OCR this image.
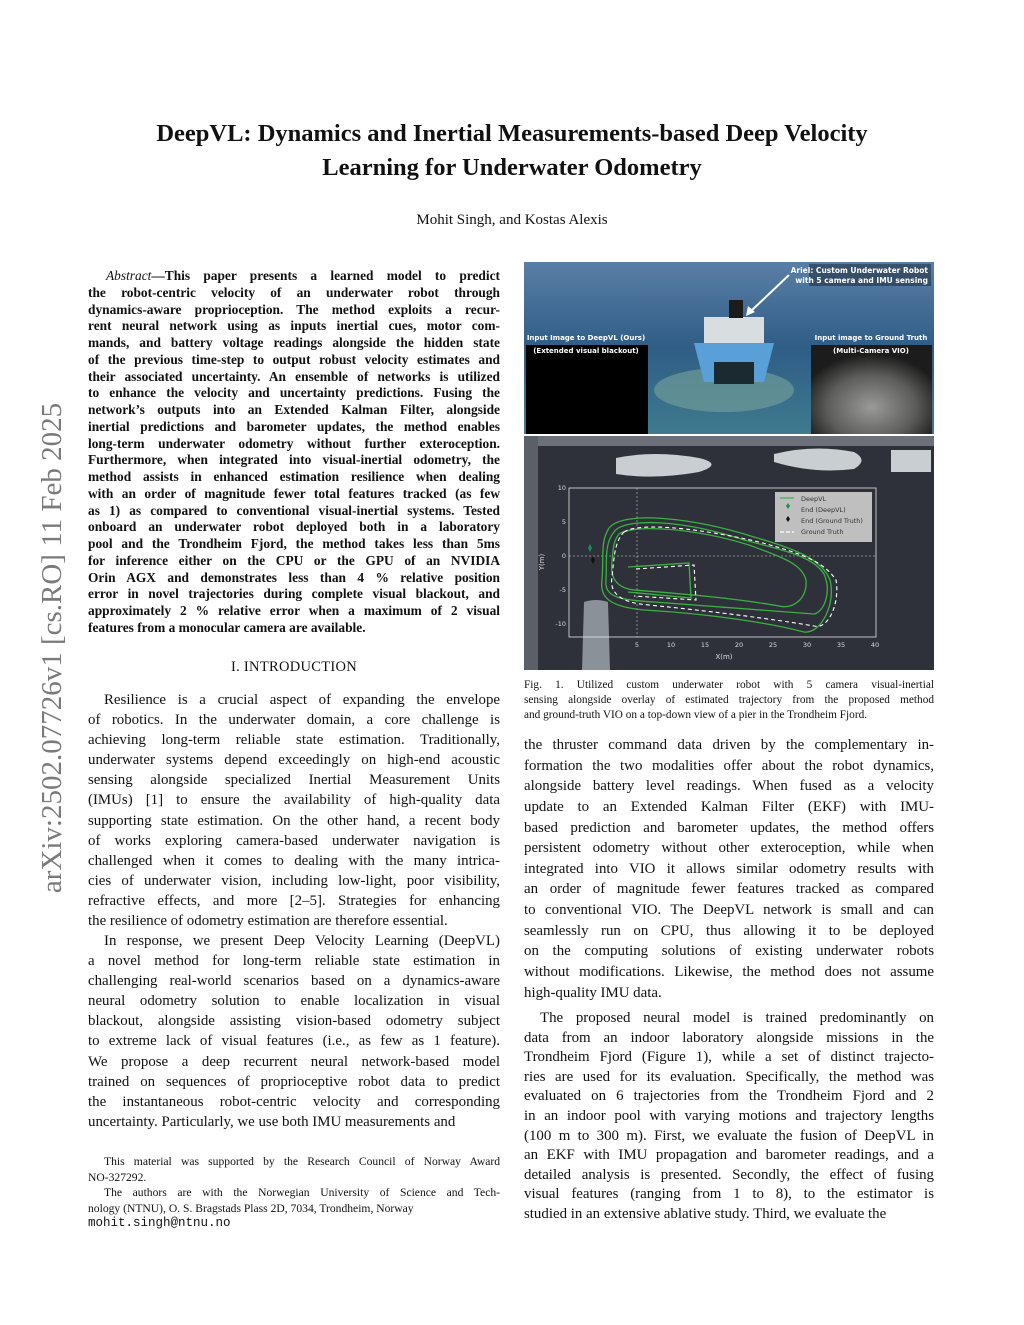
arXiv:2502.07726v1 [cs.RO] 11 Feb 2025
DeepVL: Dynamics and Inertial Measurements-based Deep Velocity
Learning for Underwater Odometry
Mohit Singh, and Kostas Alexis
Abstract—This paper presents a learned model to predict
the robot-centric velocity of an underwater robot through
dynamics-aware proprioception. The method exploits a recur-
rent neural network using as inputs inertial cues, motor com-
mands, and battery voltage readings alongside the hidden state
of the previous time-step to output robust velocity estimates and
their associated uncertainty. An ensemble of networks is utilized
to enhance the velocity and uncertainty predictions. Fusing the
network’s outputs into an Extended Kalman Filter, alongside
inertial predictions and barometer updates, the method enables
long-term underwater odometry without further exteroception.
Furthermore, when integrated into visual-inertial odometry, the
method assists in enhanced estimation resilience when dealing
with an order of magnitude fewer total features tracked (as few
as 1) as compared to conventional visual-inertial systems. Tested
onboard an underwater robot deployed both in a laboratory
pool and the Trondheim Fjord, the method takes less than 5ms
for inference either on the CPU or the GPU of an NVIDIA
Orin AGX and demonstrates less than 4 % relative position
error in novel trajectories during complete visual blackout, and
approximately 2 % relative error when a maximum of 2 visual
features from a monocular camera are available.
I. INTRODUCTION
Resilience is a crucial aspect of expanding the envelope
of robotics. In the underwater domain, a core challenge is
achieving long-term reliable state estimation. Traditionally,
underwater systems depend exceedingly on high-end acoustic
sensing alongside specialized Inertial Measurement Units
(IMUs) [1] to ensure the availability of high-quality data
supporting state estimation. On the other hand, a recent body
of works exploring camera-based underwater navigation is
challenged when it comes to dealing with the many intrica-
cies of underwater vision, including low-light, poor visibility,
refractive effects, and more [2–5]. Strategies for enhancing
the resilience of odometry estimation are therefore essential.
In response, we present Deep Velocity Learning (DeepVL)
a novel method for long-term reliable state estimation in
challenging real-world scenarios based on a dynamics-aware
neural odometry solution to enable localization in visual
blackout, alongside assisting vision-based odometry subject
to extreme lack of visual features (i.e., as few as 1 feature).
We propose a deep recurrent neural network-based model
trained on sequences of proprioceptive robot data to predict
the instantaneous robot-centric velocity and corresponding
uncertainty. Particularly, we use both IMU measurements and
This material was supported by the Research Council of Norway Award
NO-327292.
The authors are with the Norwegian University of Science and Tech-
nology (NTNU), O. S. Bragstads Plass 2D, 7034, Trondheim, Norway
mohit.singh@ntnu.no
Ariel: Custom Underwater Robot
with 5 camera and IMU sensing
Input Image to DeepVL (Ours)
(Extended visual blackout)
Input image to Ground Truth
(Multi-Camera VIO)
DeepVL
End (DeepVL)
End (Ground Truth)
Ground Truth
5	10	15	20	25	30	35	40
10
5
0
-5
-10
X(m)
Y(m)
Fig. 1. Utilized custom underwater robot with 5 camera visual-inertial
sensing alongside overlay of estimated trajectory from the proposed method
and ground-truth VIO on a top-down view of a pier in the Trondheim Fjord.
the thruster command data driven by the complementary in-
formation the two modalities offer about the robot dynamics,
alongside battery level readings. When fused as a velocity
update to an Extended Kalman Filter (EKF) with IMU-
based prediction and barometer updates, the method offers
persistent odometry without other exteroception, while when
integrated into VIO it allows similar odometry results with
an order of magnitude fewer features tracked as compared
to conventional VIO. The DeepVL network is small and can
seamlessly run on CPU, thus allowing it to be deployed
on the computing solutions of existing underwater robots
without modifications. Likewise, the method does not assume
high-quality IMU data.
The proposed neural model is trained predominantly on
data from an indoor laboratory alongside missions in the
Trondheim Fjord (Figure 1), while a set of distinct trajecto-
ries are used for its evaluation. Specifically, the method was
evaluated on 6 trajectories from the Trondheim Fjord and 2
in an indoor pool with varying motions and trajectory lengths
(100 m to 300 m). First, we evaluate the fusion of DeepVL in
an EKF with IMU propagation and barometer readings, and a
detailed analysis is presented. Secondly, the effect of fusing
visual features (ranging from 1 to 8), to the estimator is
studied in an extensive ablative study. Third, we evaluate the
